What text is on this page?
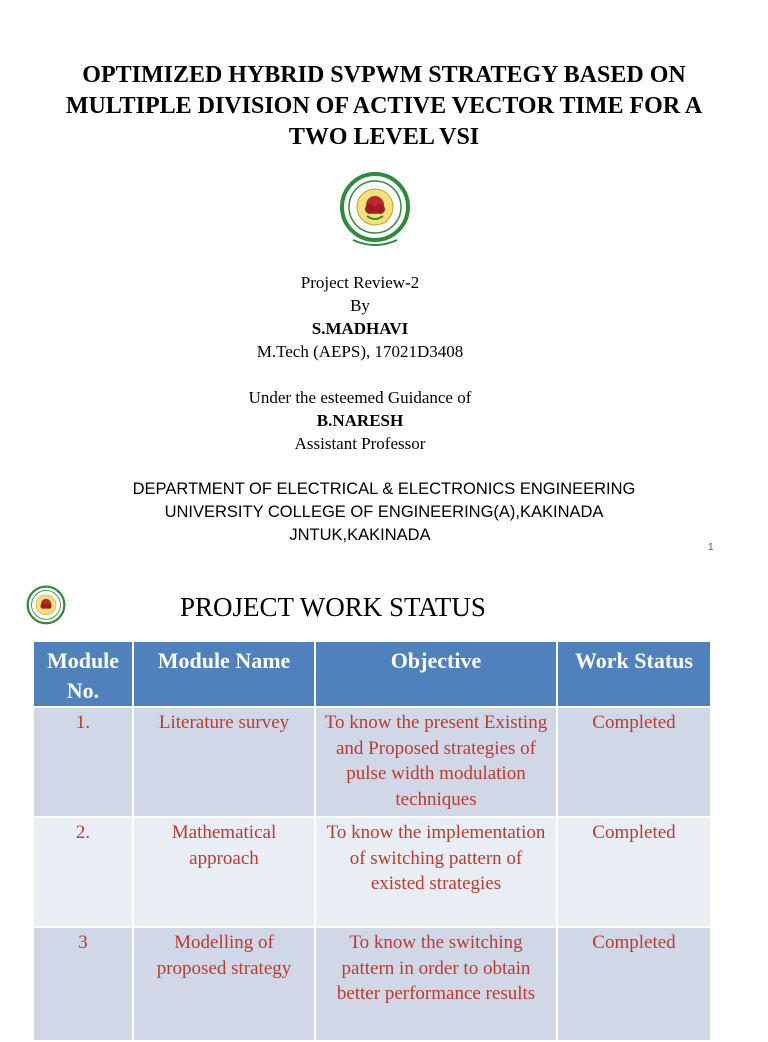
OPTIMIZED HYBRID SVPWM STRATEGY BASED ON
MULTIPLE DIVISION OF ACTIVE VECTOR TIME FOR A
TWO LEVEL VSI
Project Review-2
By
S.MADHAVI
M.Tech (AEPS), 17021D3408
Under the esteemed Guidance of
B.NARESH
Assistant Professor
DEPARTMENT OF ELECTRICAL & ELECTRONICS ENGINEERING
UNIVERSITY COLLEGE OF ENGINEERING(A),KAKINADA
JNTUK,KAKINADA
1
PROJECT WORK STATUS
Module No.	Module Name	Objective	Work Status
1.	Literature survey	To know the present Existing and Proposed strategies of pulse width modulation techniques	Completed
2.	Mathematical approach	To know the implementation of switching pattern of existed strategies	Completed
3	Modelling of proposed strategy	To know the switching pattern in order to obtain better performance results	Completed
